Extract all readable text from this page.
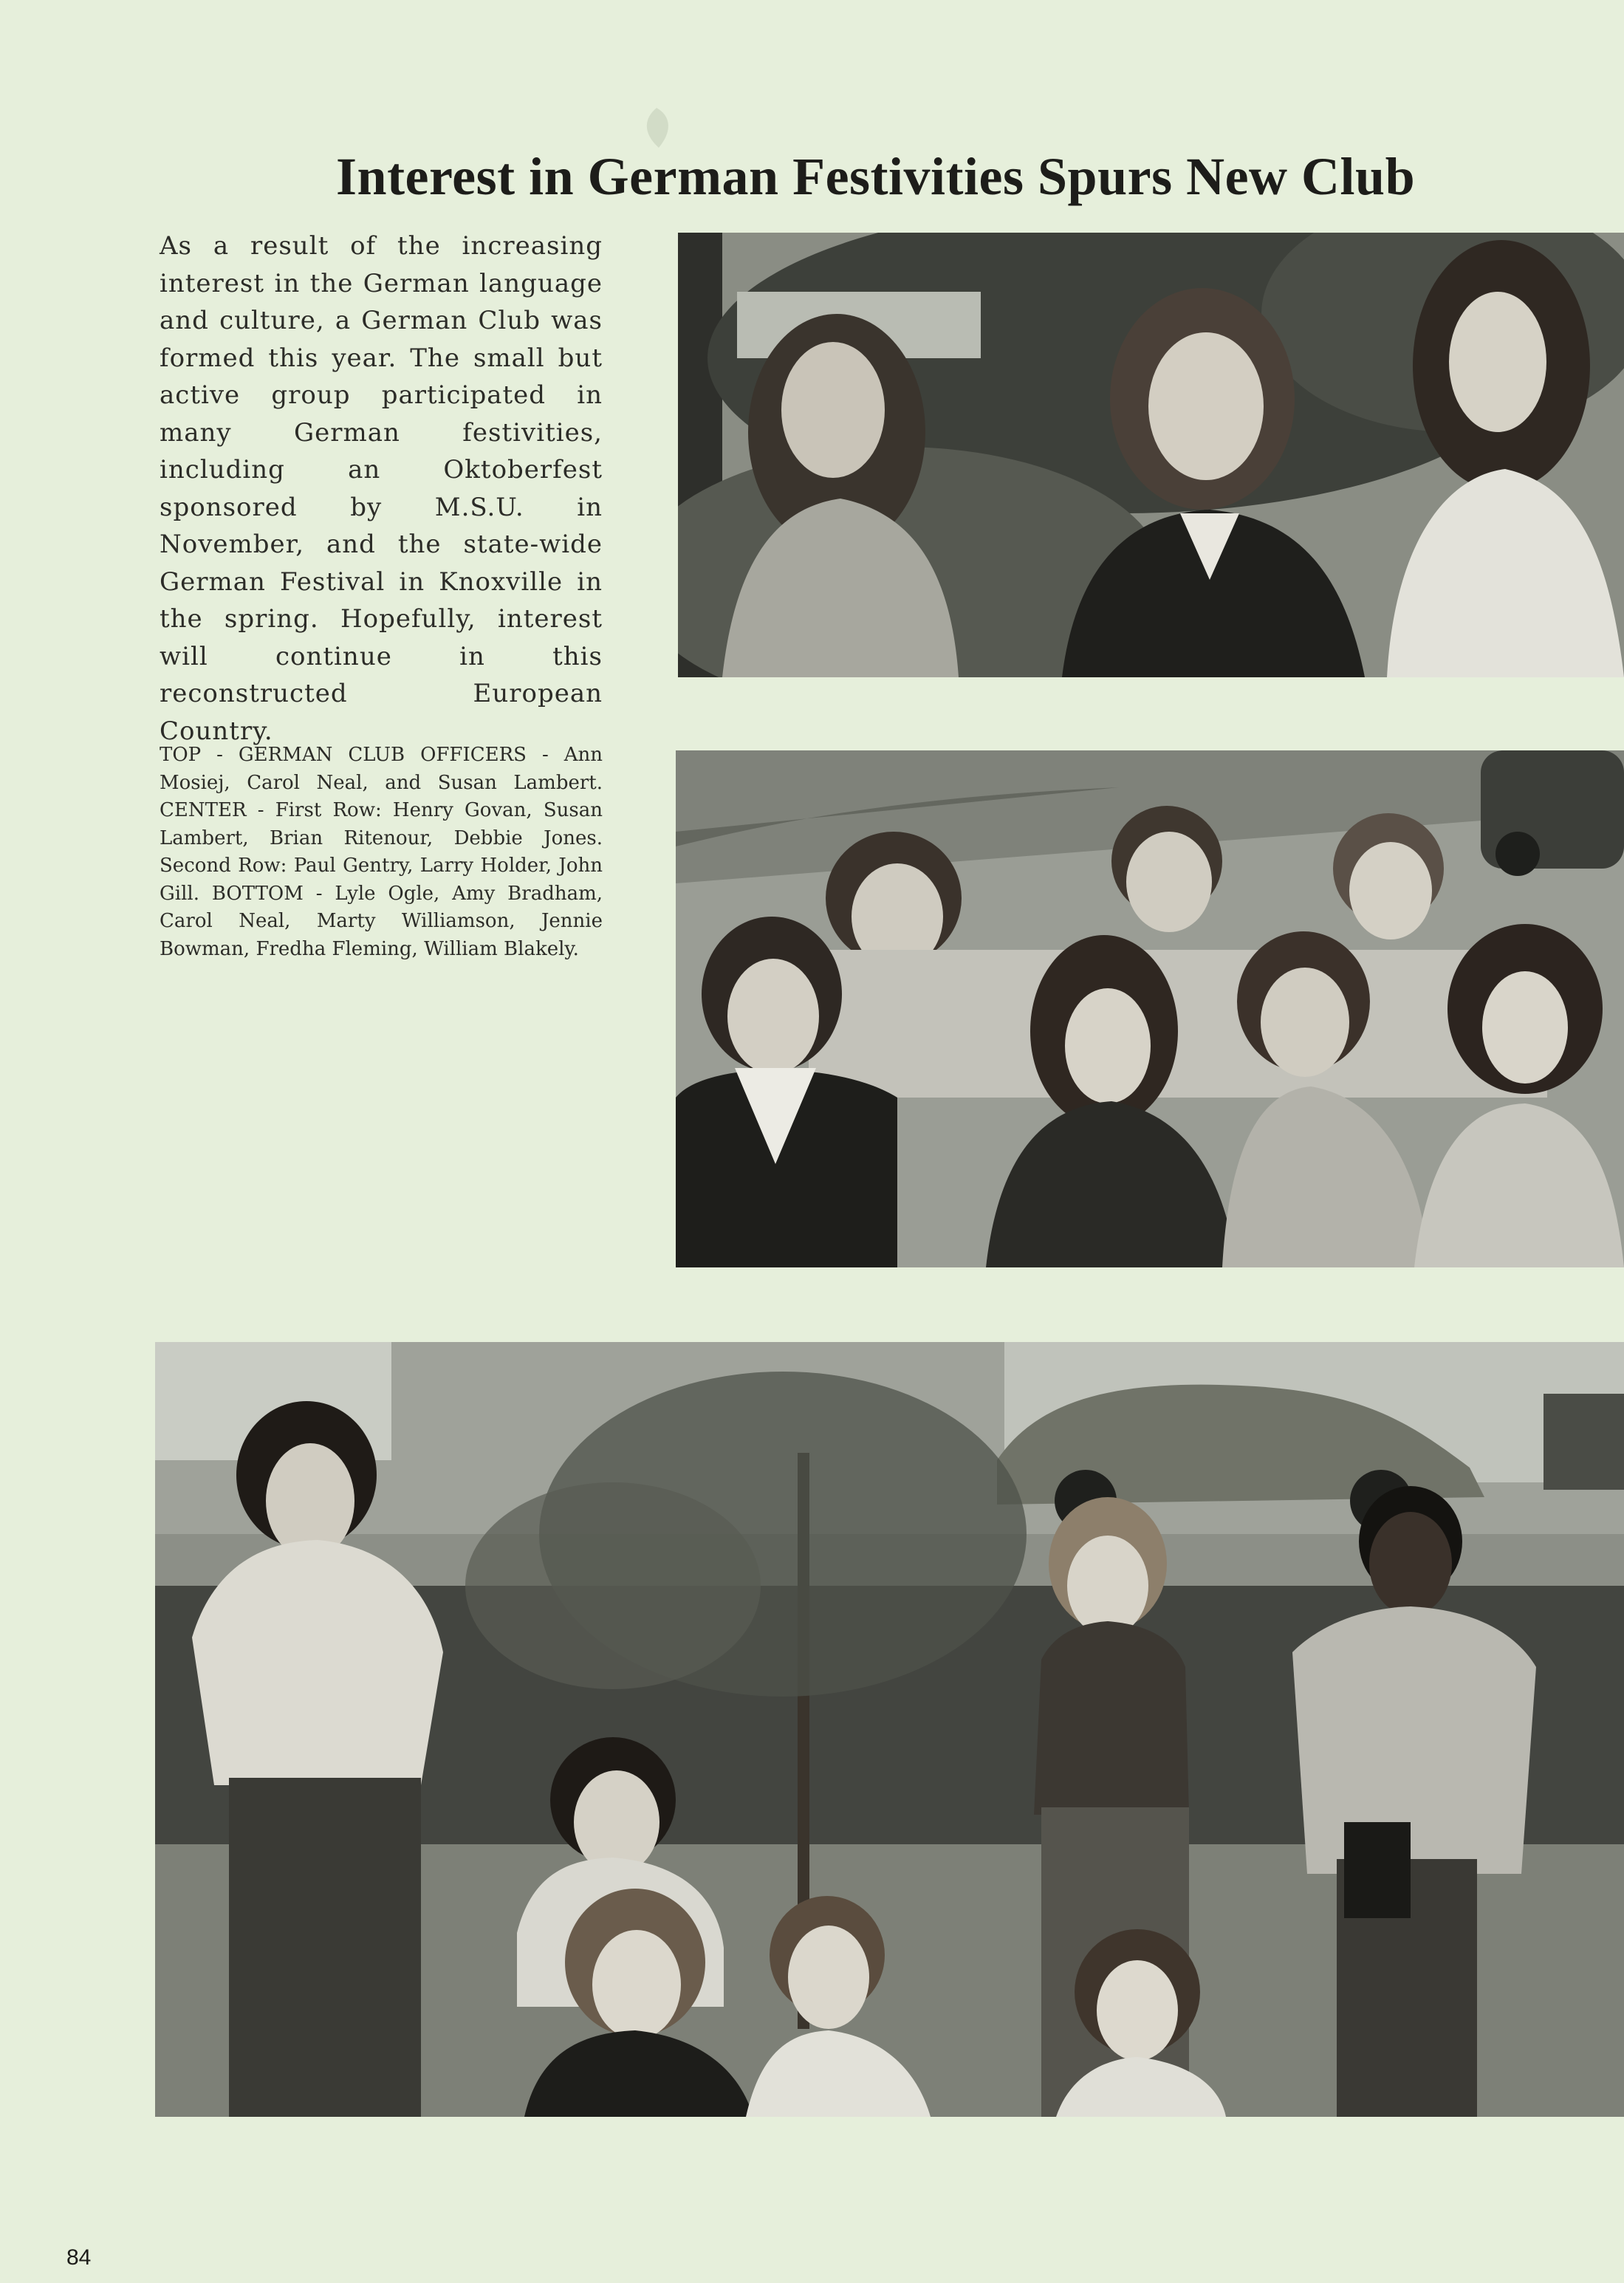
Interest in German Festivities Spurs New Club
As a result of the increasing interest in the German language and culture, a German Club was formed this year. The small but active group participated in many German festivities, including an Oktoberfest sponsored by M.S.U. in November, and the state-wide German Festival in Knoxville in the spring. Hopefully, interest will continue in this reconstructed European Country.
TOP - GERMAN CLUB OFFICERS - Ann Mosiej, Carol Neal, and Susan Lambert. CENTER - First Row: Henry Govan, Susan Lambert, Brian Ritenour, Debbie Jones. Second Row: Paul Gentry, Larry Holder, John Gill. BOTTOM - Lyle Ogle, Amy Bradham, Carol Neal, Marty Williamson, Jennie Bowman, Fredha Fleming, William Blakely.
84
